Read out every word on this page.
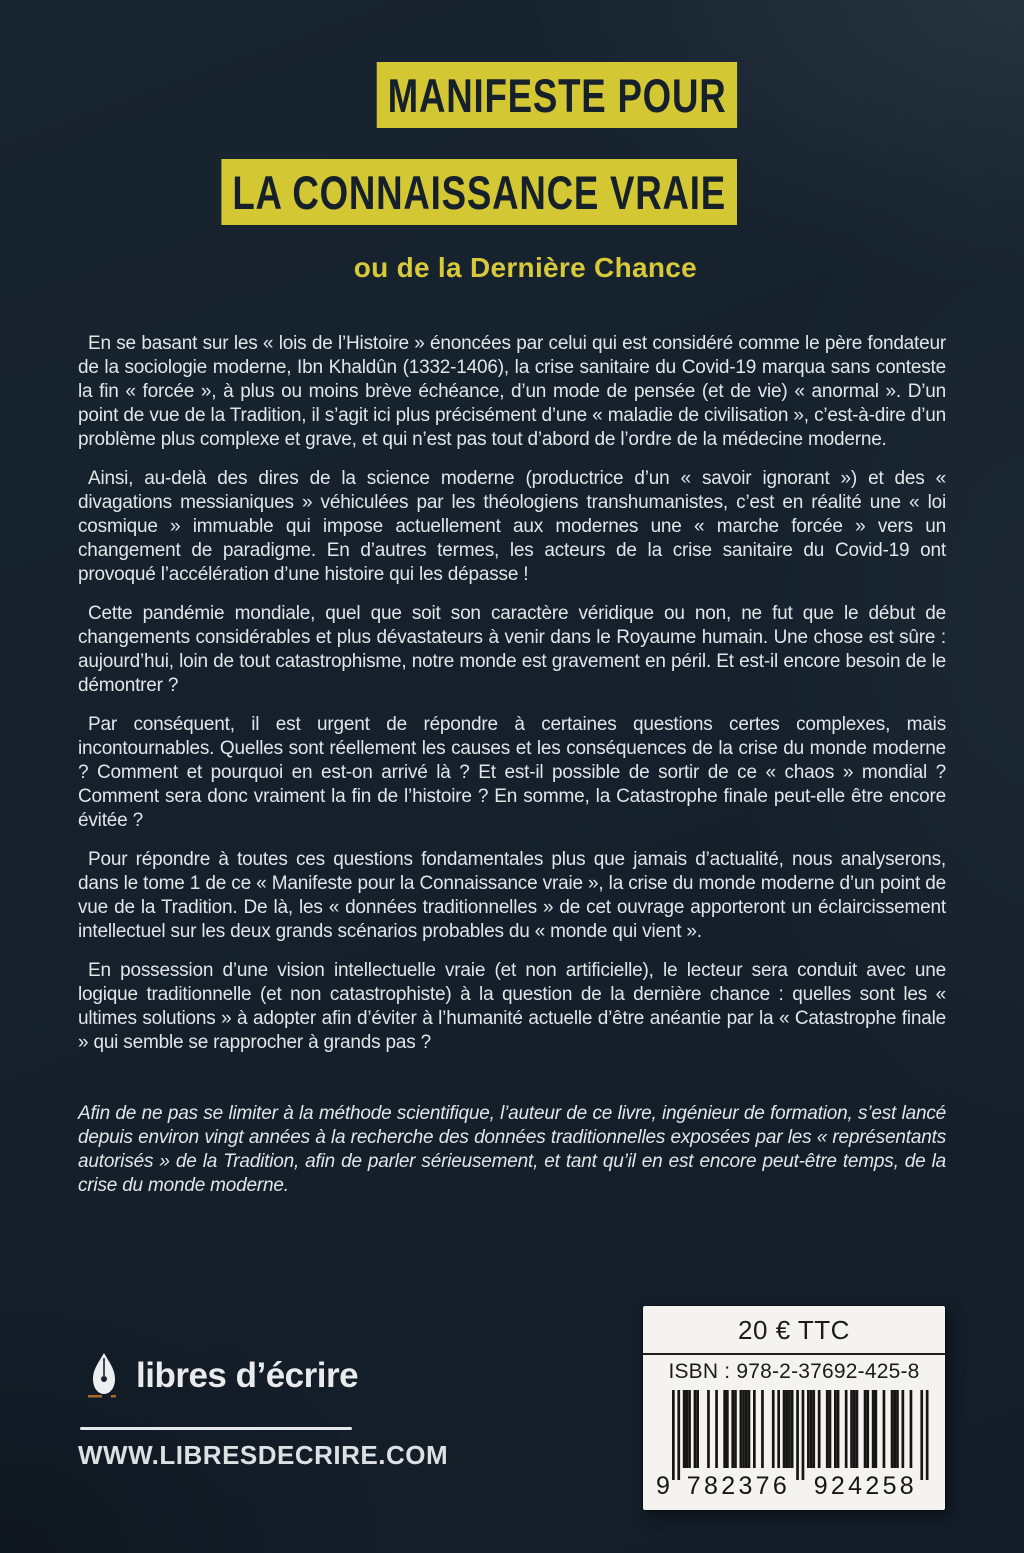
MANIFESTE POUR
LA CONNAISSANCE VRAIE
ou de la Dernière Chance

En se basant sur les « lois de l’Histoire » énoncées par celui qui est considéré comme le père fondateur de la sociologie moderne, Ibn Khaldûn (1332-1406), la crise sanitaire du Covid-19 marqua sans conteste la fin « forcée », à plus ou moins brève échéance, d’un mode de pensée (et de vie) « anormal ». D’un point de vue de la Tradition, il s’agit ici plus précisément d’une « maladie de civilisation », c’est-à-dire d’un problème plus complexe et grave, et qui n’est pas tout d’abord de l’ordre de la médecine moderne.

Ainsi, au-delà des dires de la science moderne (productrice d’un « savoir ignorant ») et des « divagations messianiques » véhiculées par les théologiens transhumanistes, c’est en réalité une « loi cosmique » immuable qui impose actuellement aux modernes une « marche forcée » vers un changement de paradigme. En d’autres termes, les acteurs de la crise sanitaire du Covid-19 ont provoqué l’accélération d’une histoire qui les dépasse !

Cette pandémie mondiale, quel que soit son caractère véridique ou non, ne fut que le début de changements considérables et plus dévastateurs à venir dans le Royaume humain. Une chose est sûre : aujourd’hui, loin de tout catastrophisme, notre monde est gravement en péril. Et est-il encore besoin de le démontrer ?

Par conséquent, il est urgent de répondre à certaines questions certes complexes, mais incontournables. Quelles sont réellement les causes et les conséquences de la crise du monde moderne ? Comment et pourquoi en est-on arrivé là ? Et est-il possible de sortir de ce « chaos » mondial ? Comment sera donc vraiment la fin de l’histoire ? En somme, la Catastrophe finale peut-elle être encore évitée ?

Pour répondre à toutes ces questions fondamentales plus que jamais d’actualité, nous analyserons, dans le tome 1 de ce « Manifeste pour la Connaissance vraie », la crise du monde moderne d’un point de vue de la Tradition. De là, les « données traditionnelles » de cet ouvrage apporteront un éclaircissement intellectuel sur les deux grands scénarios probables du « monde qui vient ».

En possession d’une vision intellectuelle vraie (et non artificielle), le lecteur sera conduit avec une logique traditionnelle (et non catastrophiste) à la question de la dernière chance : quelles sont les « ultimes solutions » à adopter afin d’éviter à l’humanité actuelle d’être anéantie par la « Catastrophe finale » qui semble se rapprocher à grands pas ?

Afin de ne pas se limiter à la méthode scientifique, l’auteur de ce livre, ingénieur de formation, s’est lancé depuis environ vingt années à la recherche des données traditionnelles exposées par les « représentants autorisés » de la Tradition, afin de parler sérieusement, et tant qu’il en est encore peut-être temps, de la crise du monde moderne.

libres d’écrire
WWW.LIBRESDECRIRE.COM
20 € TTC
ISBN : 978-2-37692-425-8
9 782376 924258
